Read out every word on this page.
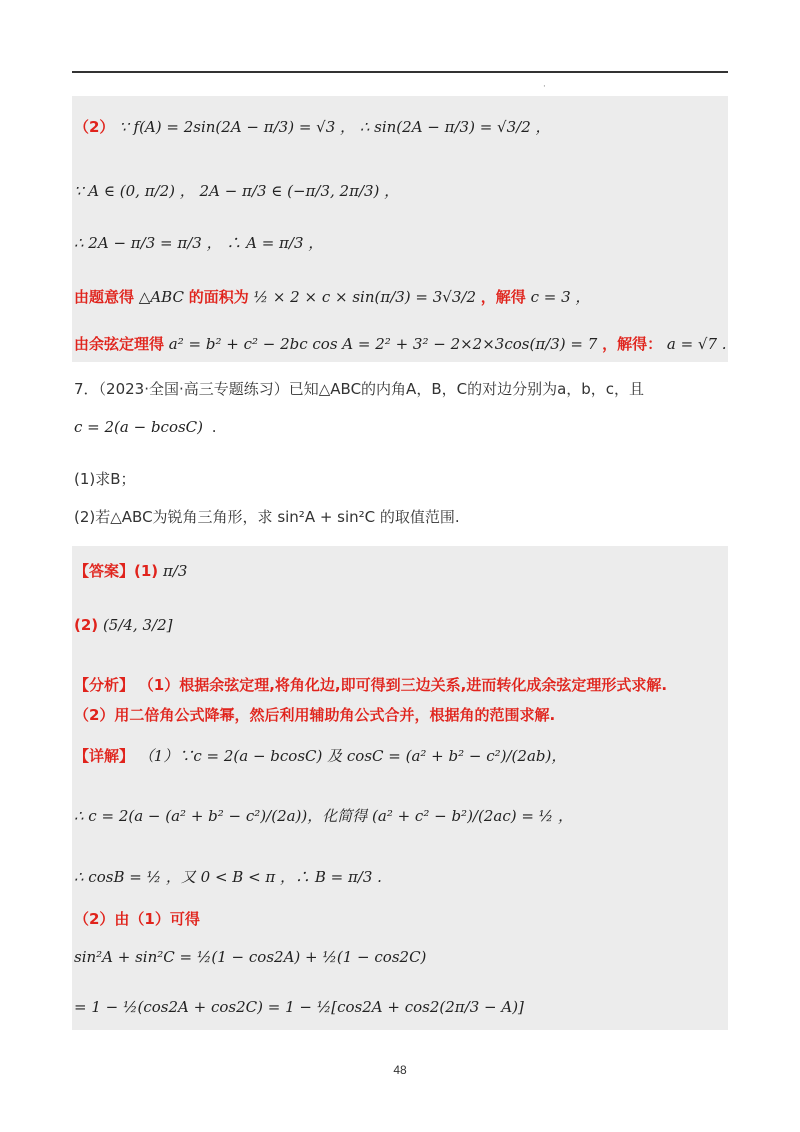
·
（2） ∵ f(A) = 2sin(2A − π/3) = √3 ， ∴ sin(2A − π/3) = √3/2 ，
∵ A ∈ (0, π/2) ， 2A − π/3 ∈ (−π/3, 2π/3) ，
∴ 2A − π/3 = π/3 ， ∴ A = π/3 ，
由题意得 △ABC 的面积为 ½ × 2 × c × sin(π/3) = 3√3/2 ，解得 c = 3 ，
由余弦定理得 a² = b² + c² − 2bc cos A = 2² + 3² − 2×2×3cos(π/3) = 7 ，解得： a = √7 .
7．（2023·全国·高三专题练习）已知△ABC的内角A，B，C的对边分别为a，b，c，且
c = 2(a − bcosC) .
(1)求B；
(2)若△ABC为锐角三角形，求 sin²A + sin²C 的取值范围.
【答案】(1) π/3
(2) (5/4, 3/2]
【分析】 （1）根据余弦定理,将角化边,即可得到三边关系,进而转化成余弦定理形式求解.
（2）用二倍角公式降幂，然后利用辅助角公式合并，根据角的范围求解.
【详解】 （1）∵c = 2(a − bcosC) 及 cosC = (a² + b² − c²)/(2ab)，
∴ c = 2(a − (a² + b² − c²)/(2a))，化简得 (a² + c² − b²)/(2ac) = ½ ，
∴ cosB = ½ ，又 0 < B < π ，∴ B = π/3 .
（2）由（1）可得
sin²A + sin²C = ½(1 − cos2A) + ½(1 − cos2C)
= 1 − ½(cos2A + cos2C) = 1 − ½[cos2A + cos2(2π/3 − A)]
48
